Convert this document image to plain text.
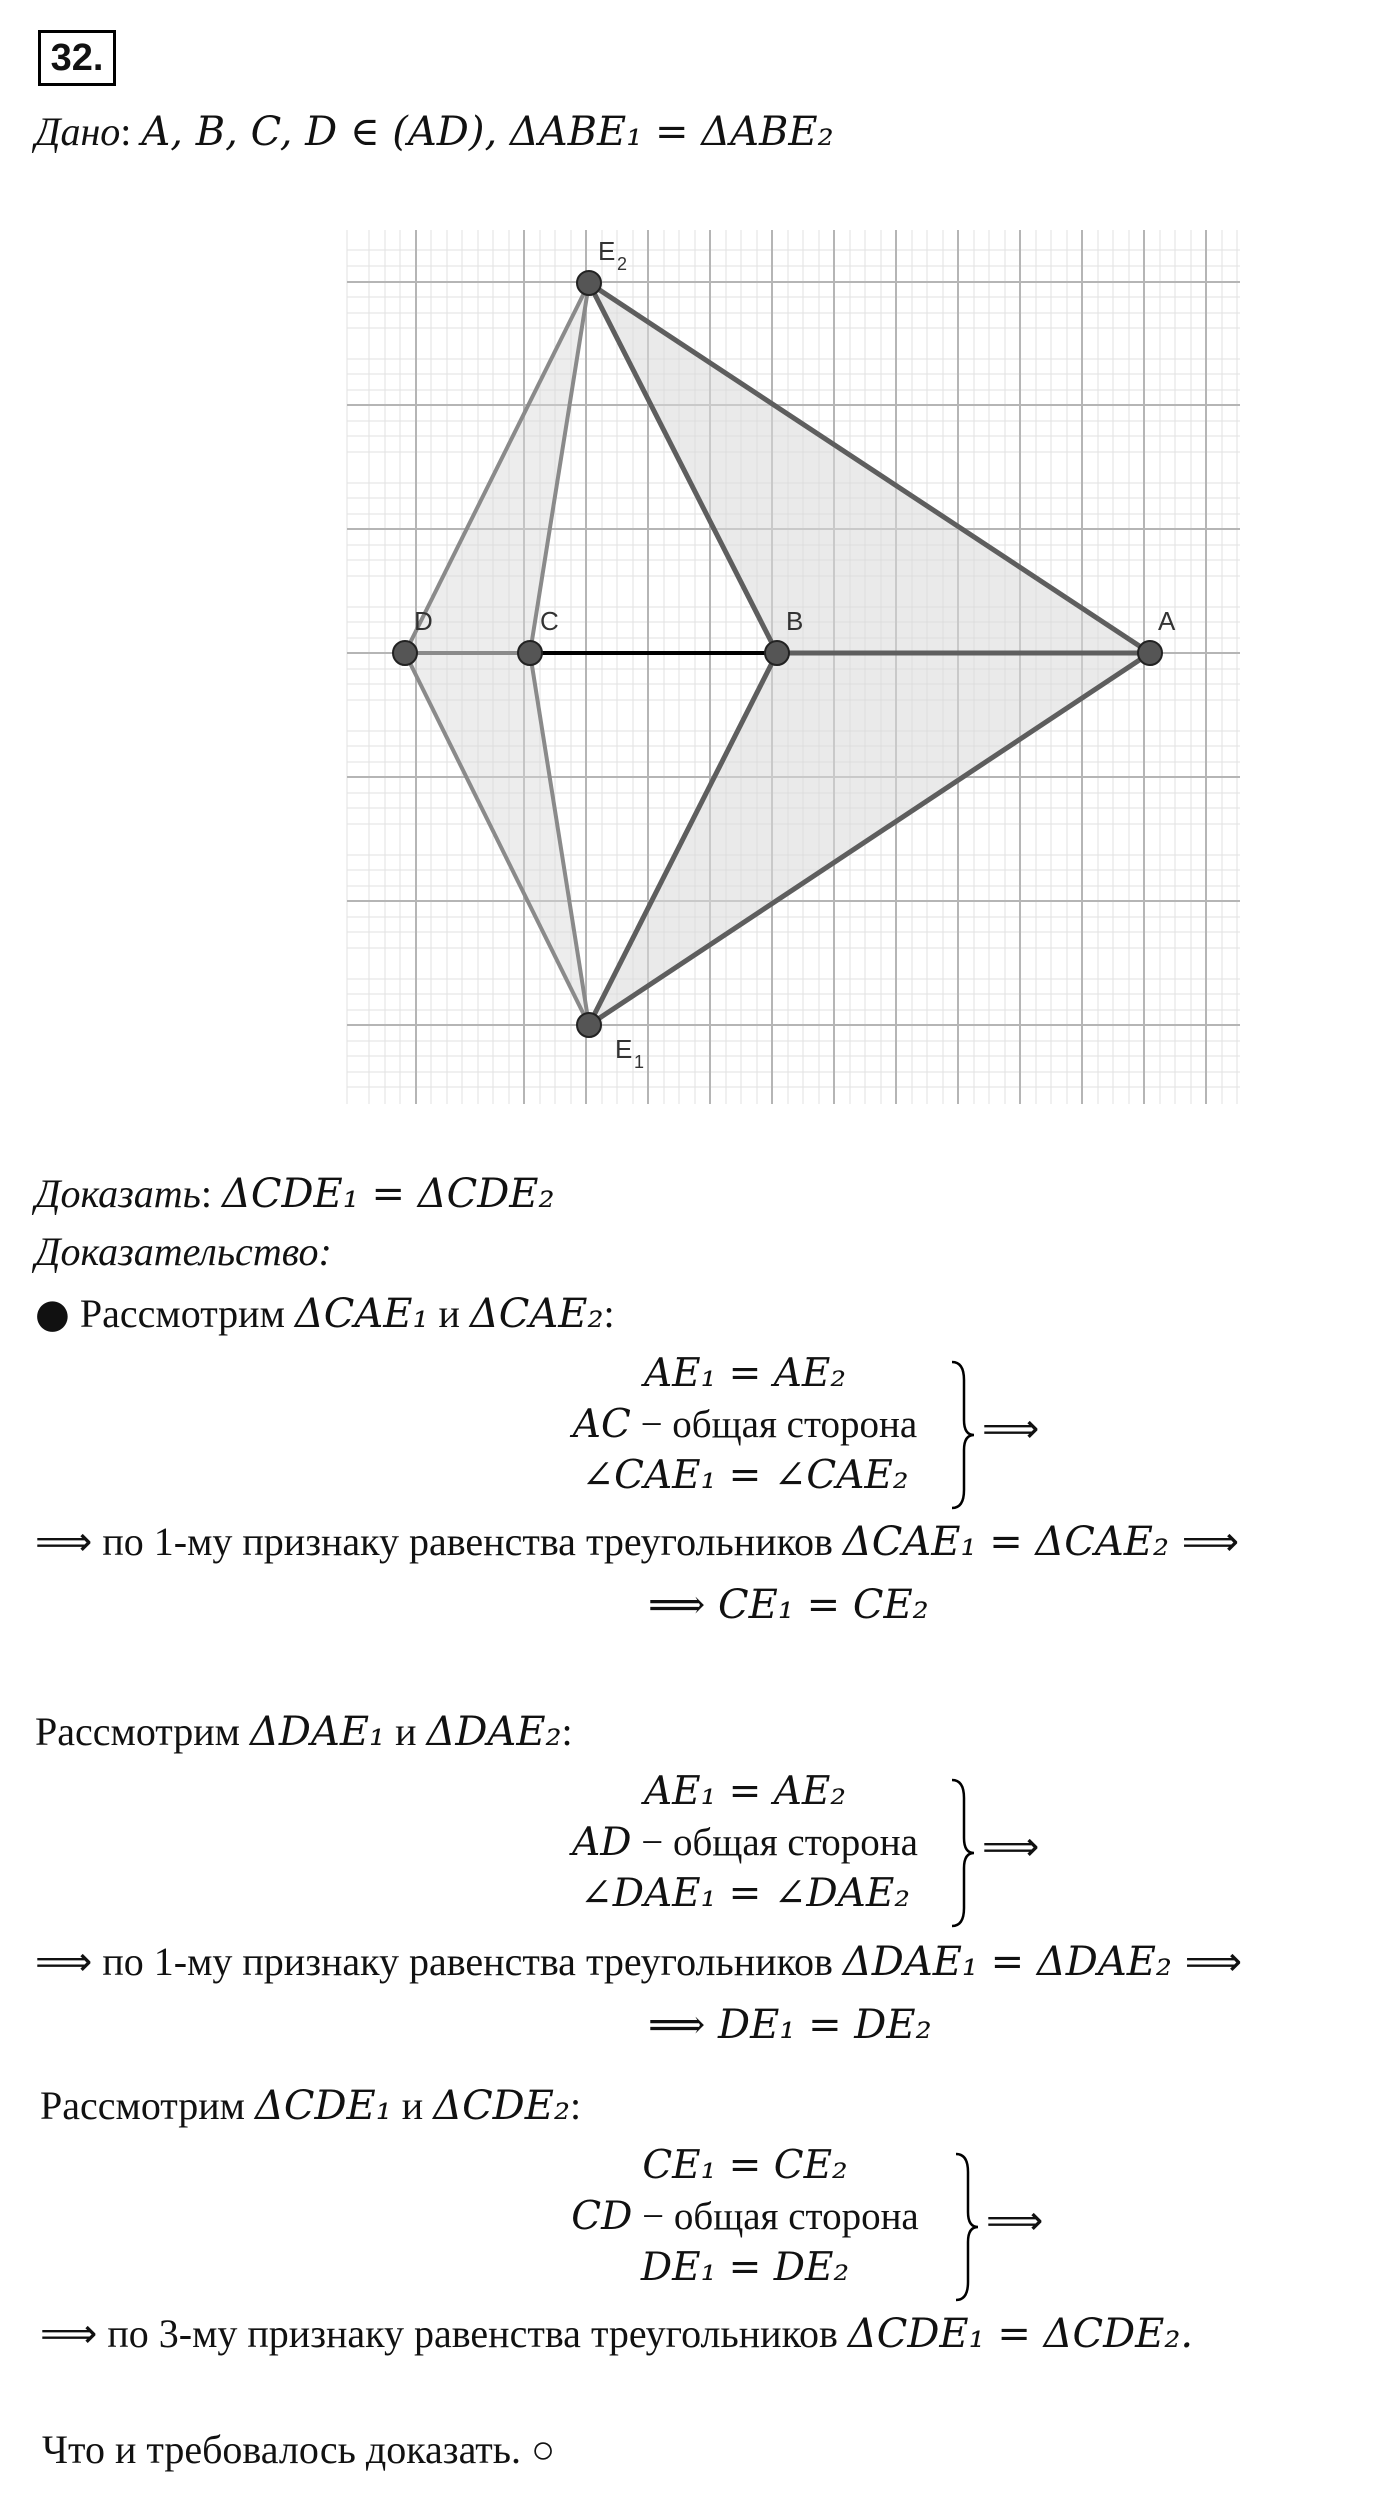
32.
Дано: A, B, C, D ∈ (AD), ΔABE₁ = ΔABE₂
D	C	B	A
E 2
E 1
Доказать: ΔCDE₁ = ΔCDE₂
Доказательство:
● Рассмотрим ΔCAE₁ и ΔCAE₂:
AE₁ = AE₂
AC − общая сторона
∠CAE₁ = ∠CAE₂
⟹
⟹ по 1-му признаку равенства треугольников ΔCAE₁ = ΔCAE₂ ⟹
⟹ CE₁ = CE₂
Рассмотрим ΔDAE₁ и ΔDAE₂:
AE₁ = AE₂
AD − общая сторона
∠DAE₁ = ∠DAE₂
⟹
⟹ по 1-му признаку равенства треугольников ΔDAE₁ = ΔDAE₂ ⟹
⟹ DE₁ = DE₂
Рассмотрим ΔCDE₁ и ΔCDE₂:
CE₁ = CE₂
CD − общая сторона
DE₁ = DE₂
⟹
⟹ по 3-му признаку равенства треугольников ΔCDE₁ = ΔCDE₂.
Что и требовалось доказать. ○
